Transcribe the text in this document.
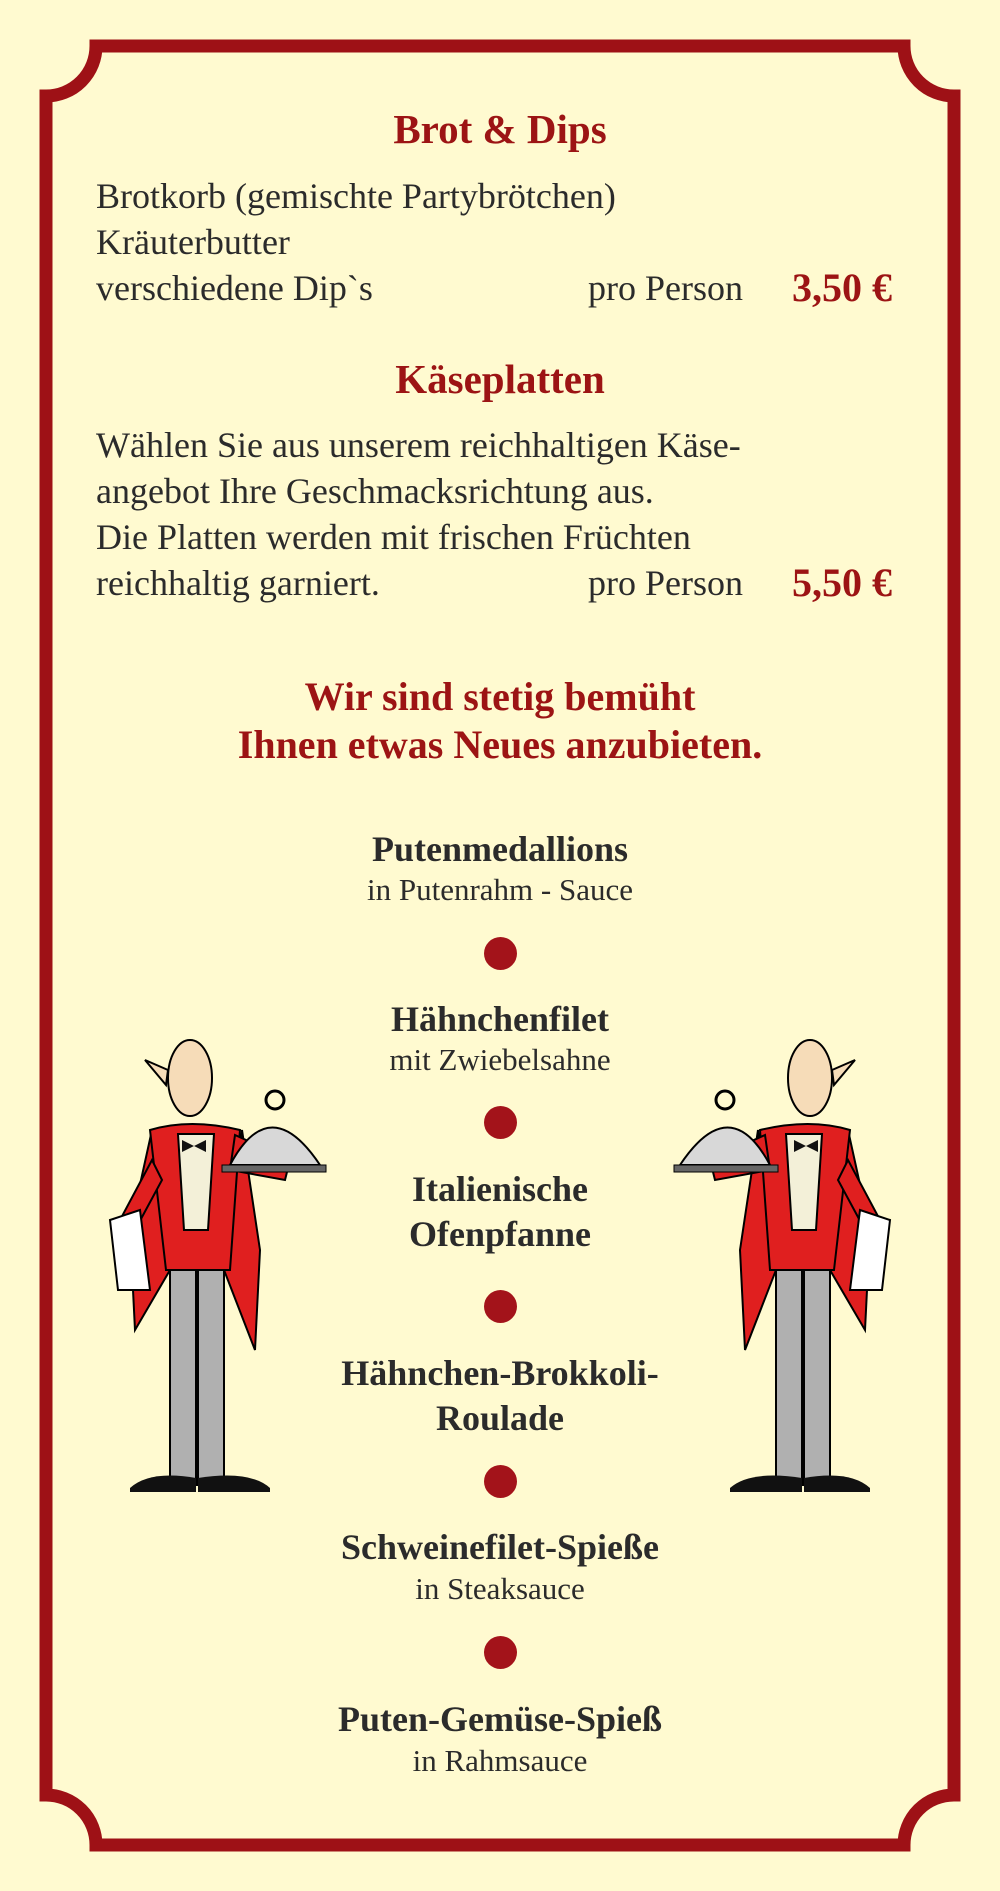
Brot & Dips
Brotkorb (gemischte Partybrötchen)
Kräuterbutter
verschiedene Dip`s	pro Person 3,50 €
Käseplatten
Wählen Sie aus unserem reichhaltigen Käse-
angebot Ihre Geschmacksrichtung aus.
Die Platten werden mit frischen Früchten
reichhaltig garniert.	pro Person 5,50 €
Wir sind stetig bemüht
Ihnen etwas Neues anzubieten.
Putenmedallions
in Putenrahm - Sauce
Hähnchenfilet
mit Zwiebelsahne
Italienische
Ofenpfanne
Hähnchen-Brokkoli-
Roulade
Schweinefilet-Spieße
in Steaksauce
Puten-Gemüse-Spieß
in Rahmsauce
